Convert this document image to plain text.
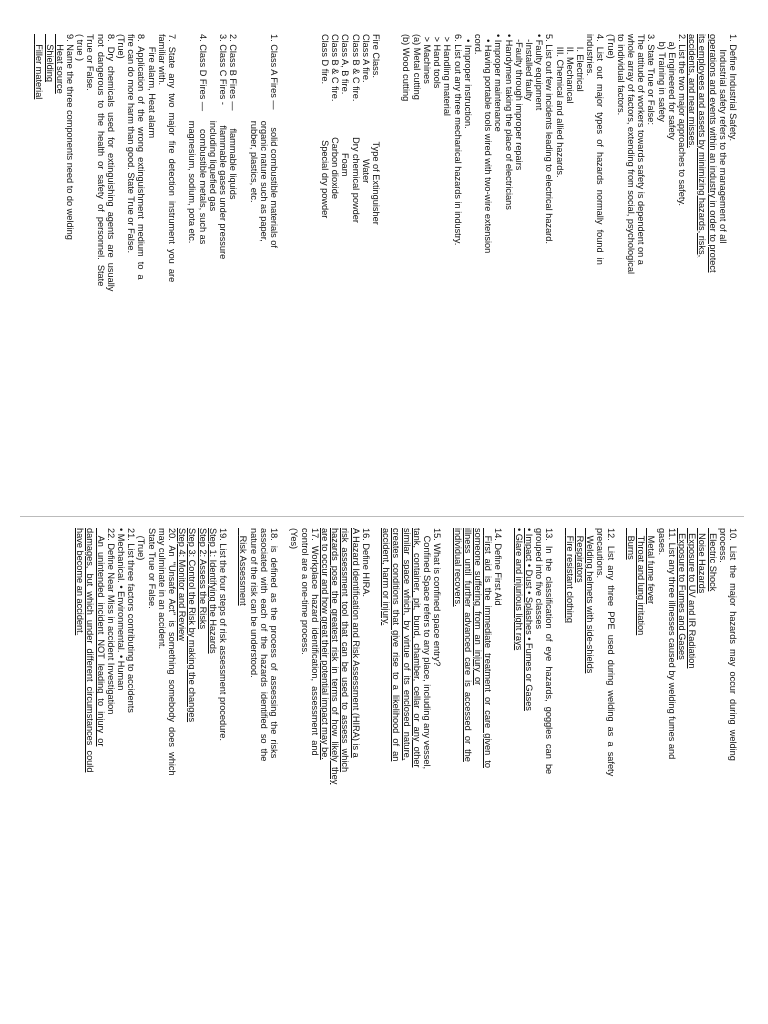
1. Define Industrial Safety.
Industrial safety refers to the management of all
operations and events within an industry in order to protect
its employees and assets by minimizing hazards, risks,
accidents, and near misses.
2. List the two major approaches to safety.
a) Engineered for safety
b) Training in safety
3. State True or False:
The attitude of workers towards safety is dependent on a
whole array of factors, extending from social, psychological
to individual factors.
(True)
4.  List  out  major  types  of  hazards  normally  found  in
industries.
I. Electrical
II. Mechanical
III. Chemical and allied hazards.
5. List out few incidents leading to electrical hazard.
• Faulty equipment
-Installed faulty
-Faulty through improper repairs
• Handymen taking the place of electricians
• Improper maintenance
• Having portable tools wired with two-wire extension
cord.
• Improper instruction.
6. List out any three mechanical hazards in industry.
> Handling material
> Hand tools
> Machines
(a) Metal cutting
(b) Wood cutting
Fire Class.                         Type of Extinguisher
Class A fire.                              Water
Class B & C fire.              Dry chemical powder
Class A, B fire.                       Foam
Class B & C fire.              Carbon dioxide
Class D fire.                      Special dry powder
1. Class A Fires —       solid combustible materials of
organic nature such as paper,
rubber, plastics, etc.
2. Class B Fires —       flammable liquids
3. Class C Fires -        flammable gases under pressure
including liquefied gas
4. Class D Fires —       combustible metals, such as
magnesium, sodium, pota etc.
7.  State  any  two  major  fire  detection  instrument  you  are
familiar with.
Fire alarm, Heat alarm
8.  Application  of  the  wrong  extinguishment  medium  to  a
fire can do more harm than good. State True or False.
(True)
8.  Dry  chemicals  used  for  extinguishing  agents  are  usually
not  dangerous  to  the  health  or  safety  of  personnel.  State
True or False.
( true )
9. Name the three components need to do welding
Heat source
Shielding
Filler material
10.  List  the  major  hazards  may  occur  during  welding
process.
Electric Shock
Noise Hazards
Exposure to UV and IR Radiation
Exposure to Fumes and Gases
11. List any three illnesses caused by welding fumes and
gases.
Metal fume fever
Throat and lung irritation
Burns
12.  List  any  three  PPE  used  during  welding  as  a  safety
precautions.
Welding helmets with side-shields
Respirators
Fire resistant clothing
13.  In  the  classification  of  eye  hazards,  goggles  can  be
grouped into five classes
• Impact • Dust • Splashes • Fumes or Gases
• Glare and injurious light rays
14. Define First Aid
First  aid  is  the  immediate  treatment  or  care  given  to
someone  suffering  from  an  injury  or
illness  until  further  advanced  care  is  accessed  or  the
individual recovers.
15. What is confined space entry?
Confined Space refers to any place, including any vessel,
tank,  container,  pit,  bund,  chamber,  cellar  or  any  other
similar  space  which,  by  virtue  of  its  enclosed  nature,
creates  conditions  that  give  rise  to  a  likelihood  of  an
accident, harm or injury.
16. Define HIRA.
A Hazard Identification and Risk Assessment (HIRA) is a
risk  assessment  tool  that  can  be  used  to  assess  which
hazards  pose  the  greatest  risk  in  terms  of  how  likely  they
are to occur and how great their potential impact may be.
17.  Workplace  hazard  identification,  assessment  and
control are a one-time process.
(Yes)
18.  is  defined  as  the  process  of  assessing  the  risks
associated  with  each  of  the  hazards  identified  so  the
nature of the risk can be understood.
Risk Assessment
19. List the four steps of risk assessment procedure.
Step 1: Identifying the Hazards
Step 2: Assess the Risks
Step 3: Control the Risk by making the changes
Step 4: Monitor and Review
20.  An  "Unsafe  Act"  is  something  somebody  does  which
may culminate in an accident.
State True or False.
(True)
21. List three factors contributing to accidents
• Mechanical. • Environmental. • Human
22. Define Near Miss in accident Investigation
An  unintended  incident  NOT  leading  to  injury  or
damages,  but  which  under  different  circumstances  could
have become an accident.
